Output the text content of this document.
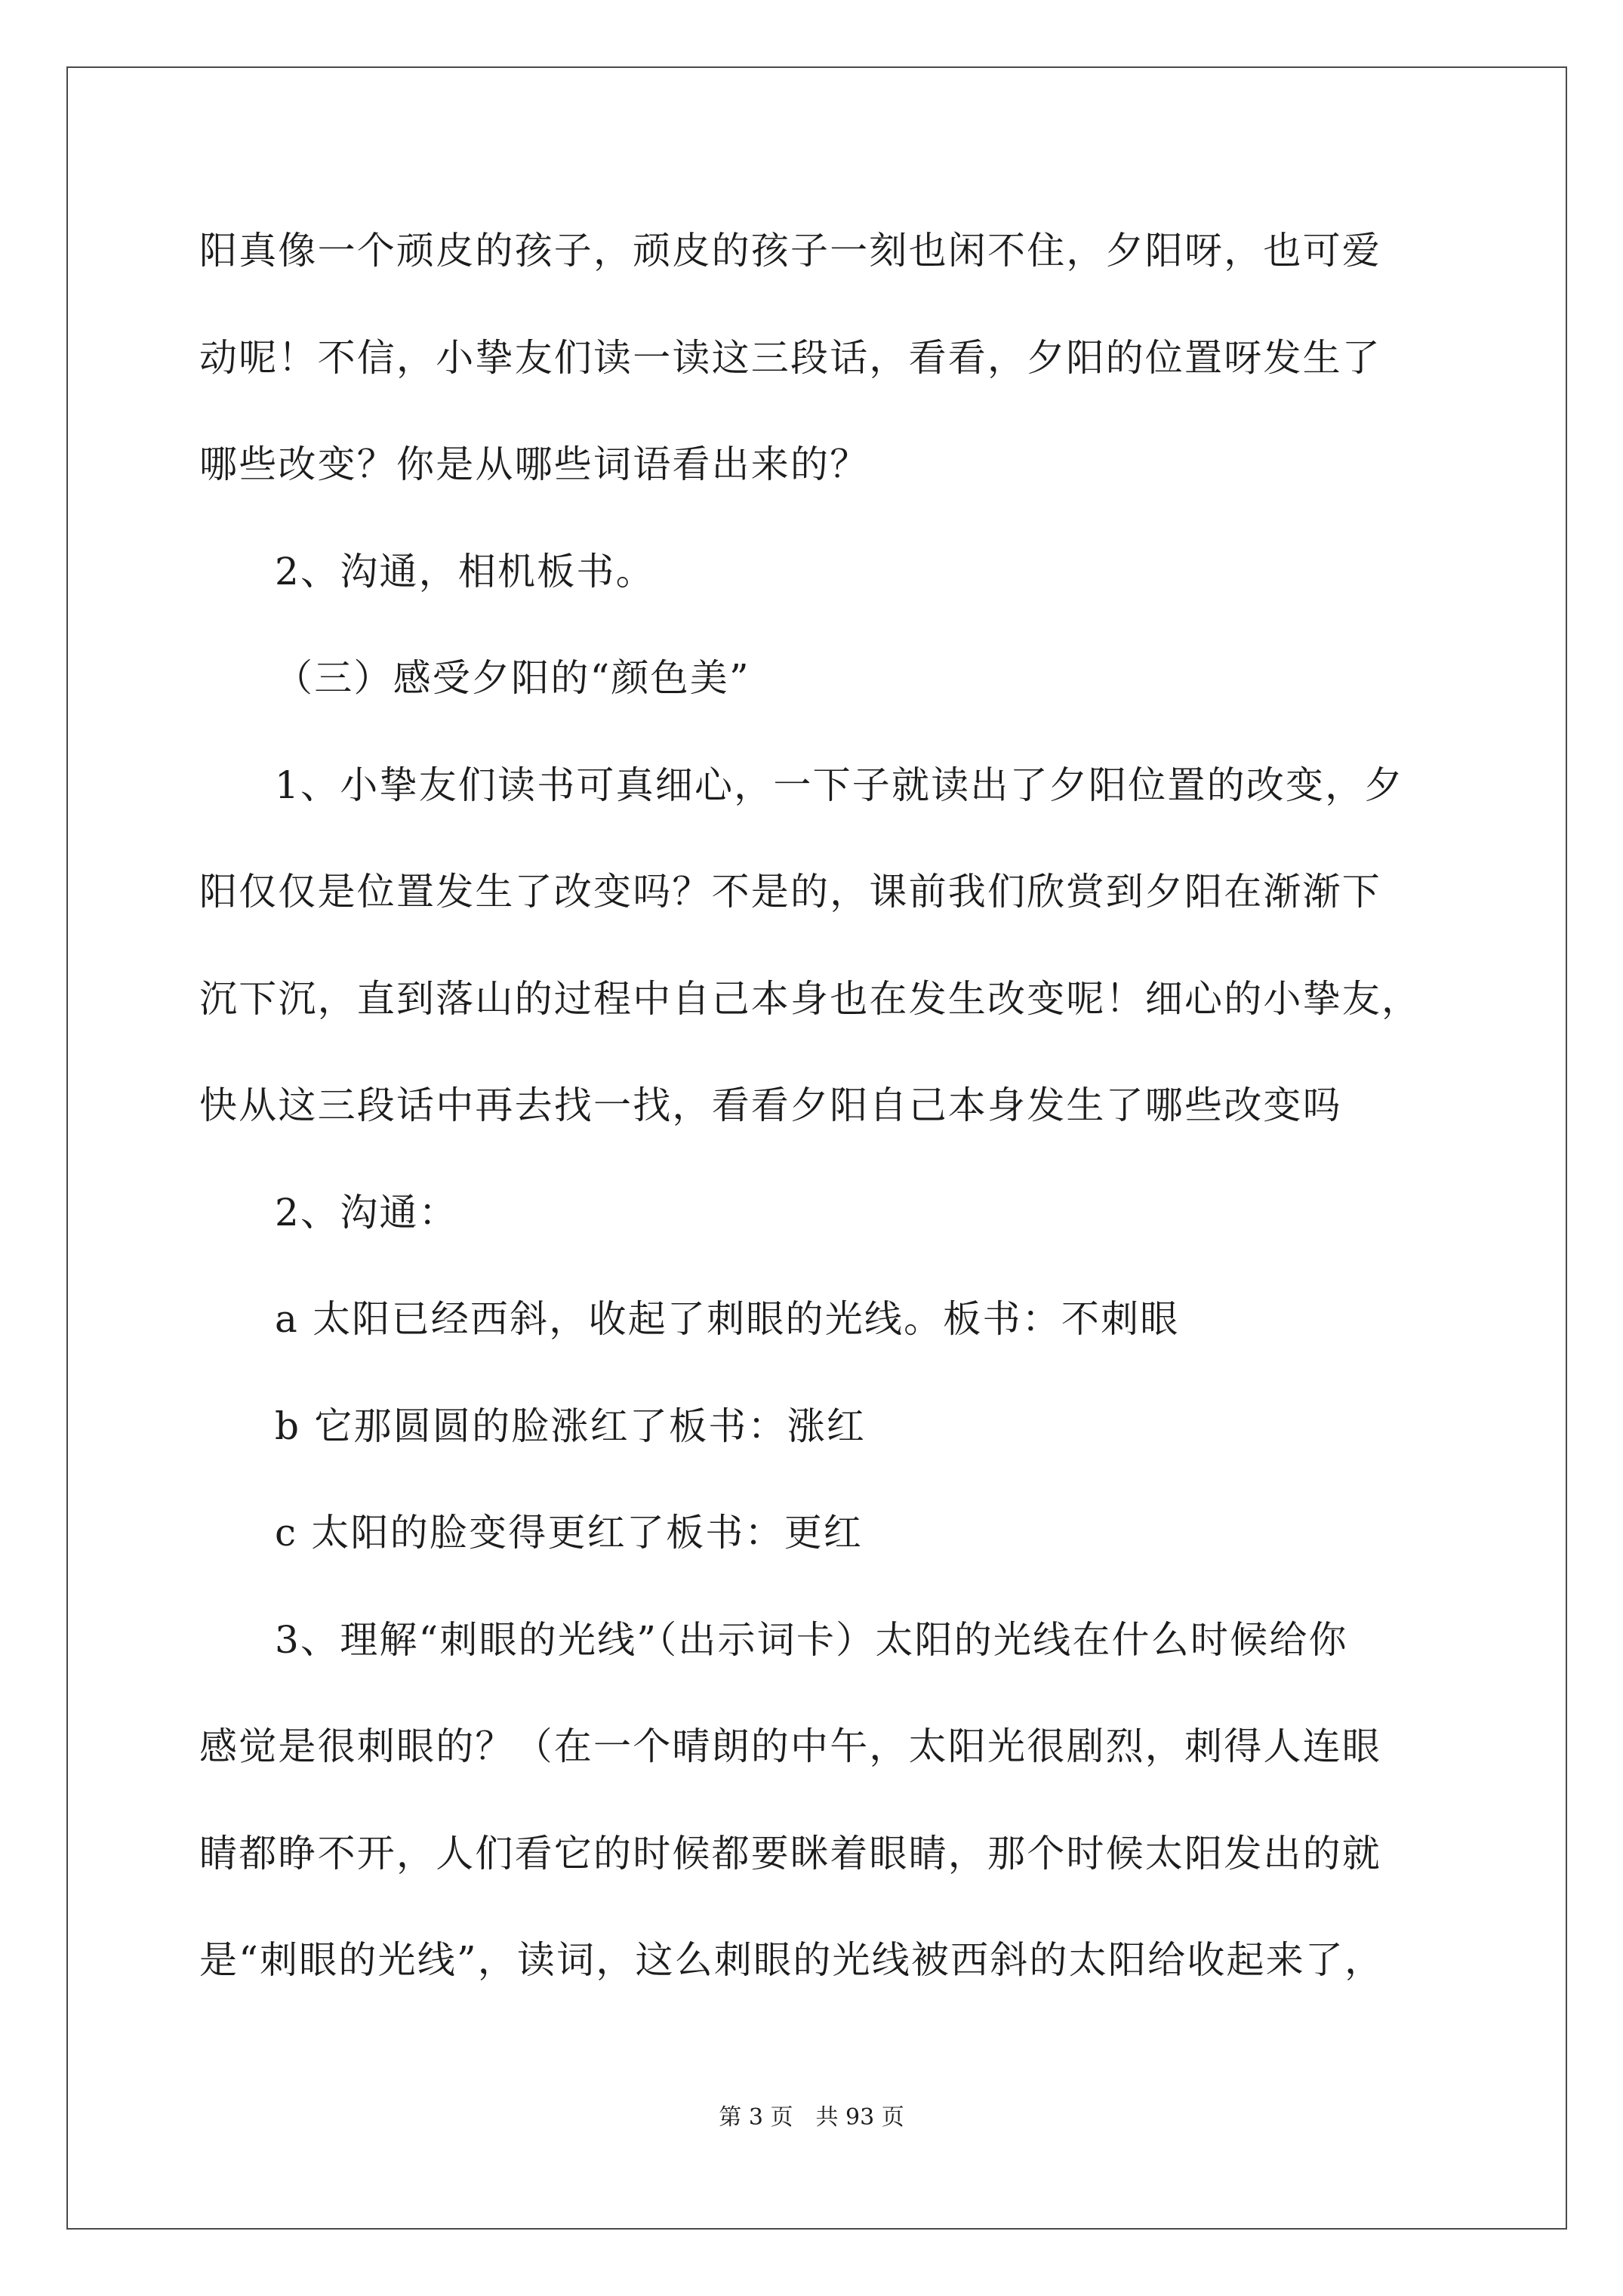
阳真像一个顽皮的孩子，顽皮的孩子一刻也闲不住，夕阳呀，也可爱

动呢！不信，小挚友们读一读这三段话，看看，夕阳的位置呀发生了

哪些改变？你是从哪些词语看出来的？

2、沟通，相机板书。

（三）感受夕阳的“颜色美”

1、小挚友们读书可真细心，一下子就读出了夕阳位置的改变，夕

阳仅仅是位置发生了改变吗？不是的，课前我们欣赏到夕阳在渐渐下

沉下沉，直到落山的过程中自己本身也在发生改变呢！细心的小挚友，

快从这三段话中再去找一找，看看夕阳自己本身发生了哪些改变吗

2、沟通：

a 太阳已经西斜，收起了刺眼的光线。板书：不刺眼

b 它那圆圆的脸涨红了板书：涨红

c 太阳的脸变得更红了板书：更红

3、理解“刺眼的光线”（出示词卡）太阳的光线在什么时候给你

感觉是很刺眼的？（在一个晴朗的中午，太阳光很剧烈，刺得人连眼

睛都睁不开，人们看它的时候都要眯着眼睛，那个时候太阳发出的就

是“刺眼的光线”，读词，这么刺眼的光线被西斜的太阳给收起来了，

第 3 页　共 93 页
